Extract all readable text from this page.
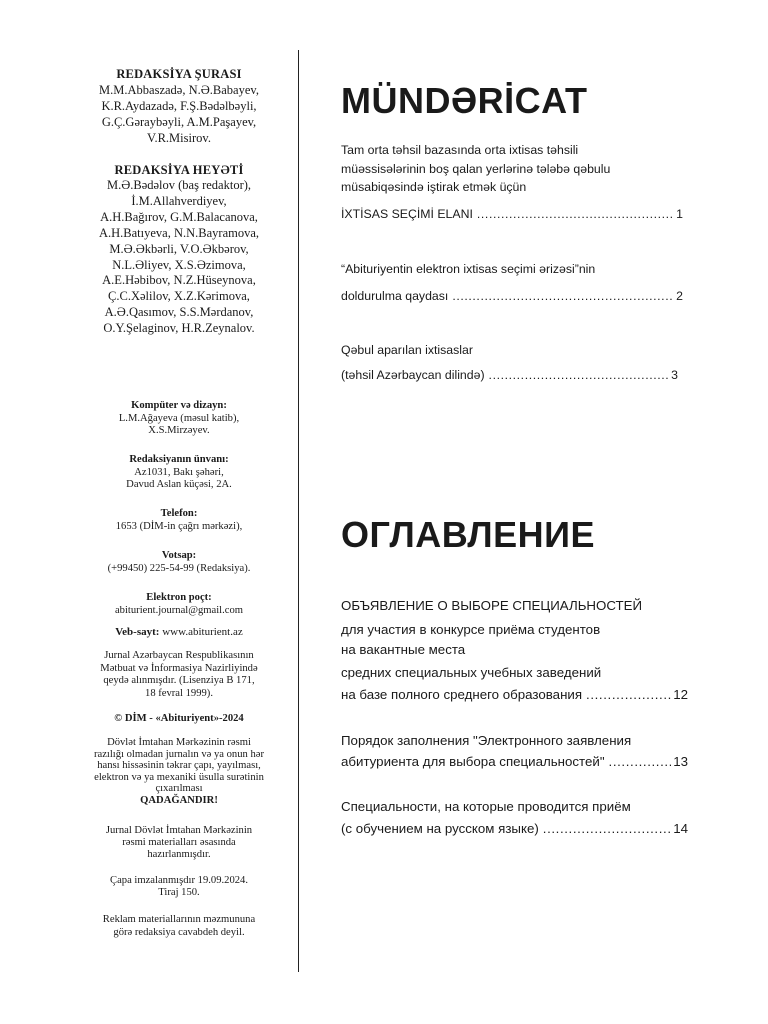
REDAKSİYA ŞURASI
M.M.Abbaszadə, N.Ə.Babayev,
K.R.Aydazadə, F.Ş.Bədəlbəyli,
G.Ç.Gəraybəyli, A.M.Paşayev,
V.R.Misirov.
REDAKSİYA HEYƏTİ
M.Ə.Bədəlov (baş redaktor),
İ.M.Allahverdiyev,
A.H.Bağırov, G.M.Balacanova,
A.H.Batıyeva, N.N.Bayramova,
M.Ə.Əkbərli, V.O.Əkbərov,
N.L.Əliyev, X.S.Əzimova,
A.E.Həbibov, N.Z.Hüseynova,
Ç.C.Xəlilov, X.Z.Kərimova,
A.Ə.Qasımov, S.S.Mərdanov,
O.Y.Şelaginov, H.R.Zeynalov.
Kompüter və dizayn:
L.M.Ağayeva (məsul katib),
X.S.Mirzəyev.
Redaksiyanın ünvanı:
Az1031, Bakı şəhəri,
Davud Aslan küçəsi, 2A.
Telefon:
1653 (DİM-in çağrı mərkəzi),
Votsap:
(+99450) 225-54-99 (Redaksiya).
Elektron poçt:
abiturient.journal@gmail.com
Veb-sayt: www.abiturient.az
Jurnal Azərbaycan Respublikasının
Mətbuat və İnformasiya Nazirliyində
qeydə alınmışdır. (Lisenziya B 171,
18 fevral 1999).
© DİM - «Abituriyent»-2024
Dövlət İmtahan Mərkəzinin rəsmi
razılığı olmadan jurnalın və ya onun hər
hansı hissəsinin təkrar çapı, yayılması,
elektron və ya mexaniki üsulla surətinin
çıxarılması
QADAĞANDIR!
Jurnal Dövlət İmtahan Mərkəzinin
rəsmi materialları əsasında
hazırlanmışdır.
Çapa imzalanmışdır 19.09.2024.
Tiraj 150.
Reklam materiallarının məzmununa
görə redaksiya cavabdeh deyil.
MÜNDƏRİCAT
Tam orta təhsil bazasında orta ixtisas təhsili
müəssisələrinin boş qalan yerlərinə tələbə qəbulu
müsabiqəsində iştirak etmək üçün
İXTİSAS SEÇİMİ ELANI .....	1
“Abituriyentin elektron ixtisas seçimi ərizəsi”nin
doldurulma qaydası .....	2
Qəbul aparılan ixtisaslar
(təhsil Azərbaycan dilində) .....	3
ОГЛАВЛЕНИЕ
ОБЪЯВЛЕНИЕ О ВЫБОРЕ СПЕЦИАЛЬНОСТЕЙ
для участия в конкурсе приёма студентов
на вакантные места
средних специальных учебных заведений
на базе полного среднего образования .....	12
Порядок заполнения "Электронного заявления
абитуриента для выбора специальностей" .....	13
Специальности, на которые проводится приём
(с обучением на русском языке) .....	14
